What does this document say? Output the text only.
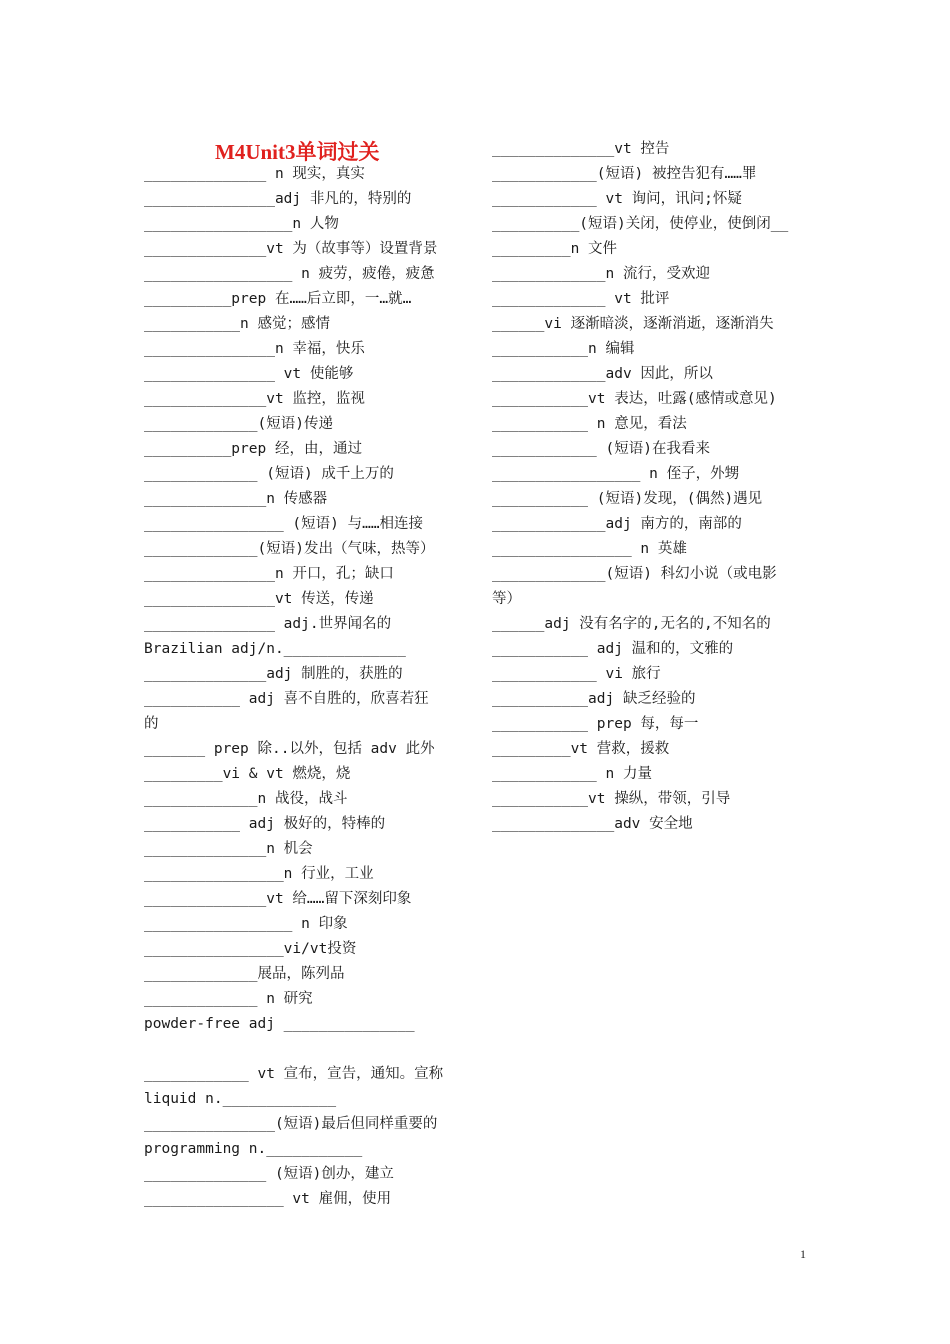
M4Unit3单词过关
______________ n 现实，真实
_______________adj 非凡的，特别的
_________________n 人物
______________vt 为（故事等）设置背景
_________________ n 疲劳，疲倦，疲惫
__________prep 在……后立即，一…就…
___________n 感觉；感情
_______________n 幸福，快乐
_______________ vt 使能够
______________vt 监控，监视
_____________(短语)传递
__________prep 经，由，通过
_____________ (短语) 成千上万的
______________n 传感器
________________ (短语) 与……相连接
_____________(短语)发出（气味，热等）
_______________n 开口，孔；缺口
_______________vt 传送，传递
_______________ adj.世界闻名的
Brazilian adj/n.______________
______________adj 制胜的，获胜的
___________ adj 喜不自胜的，欣喜若狂
的
_______ prep 除..以外，包括 adv 此外
_________vi & vt 燃烧，烧
_____________n 战役，战斗
___________ adj 极好的，特棒的
______________n 机会
________________n 行业，工业
______________vt 给……留下深刻印象
_________________ n 印象
________________vi/vt投资
_____________展品，陈列品
_____________ n 研究
powder-free adj _______________
____________ vt 宣布，宣告，通知。宣称
liquid n._____________
_______________(短语)最后但同样重要的
programming n.___________
______________ (短语)创办，建立
________________ vt 雇佣，使用
______________vt 控告
____________(短语) 被控告犯有……罪
____________ vt 询问，讯问;怀疑
__________(短语)关闭，使停业，使倒闭__
_________n 文件
_____________n 流行，受欢迎
_____________ vt 批评
______vi 逐渐暗淡，逐渐消逝，逐渐消失
___________n 编辑
_____________adv 因此，所以
___________vt 表达，吐露(感情或意见)
___________ n 意见，看法
____________ (短语)在我看来
_________________ n 侄子，外甥
___________ (短语)发现，(偶然)遇见
_____________adj 南方的，南部的
________________ n 英雄
_____________(短语) 科幻小说（或电影
等）
______adj 没有名字的,无名的,不知名的
___________ adj 温和的，文雅的
____________ vi 旅行
___________adj 缺乏经验的
___________ prep 每，每一
_________vt 营救，援救
____________ n 力量
___________vt 操纵，带领，引导
______________adv 安全地
1
